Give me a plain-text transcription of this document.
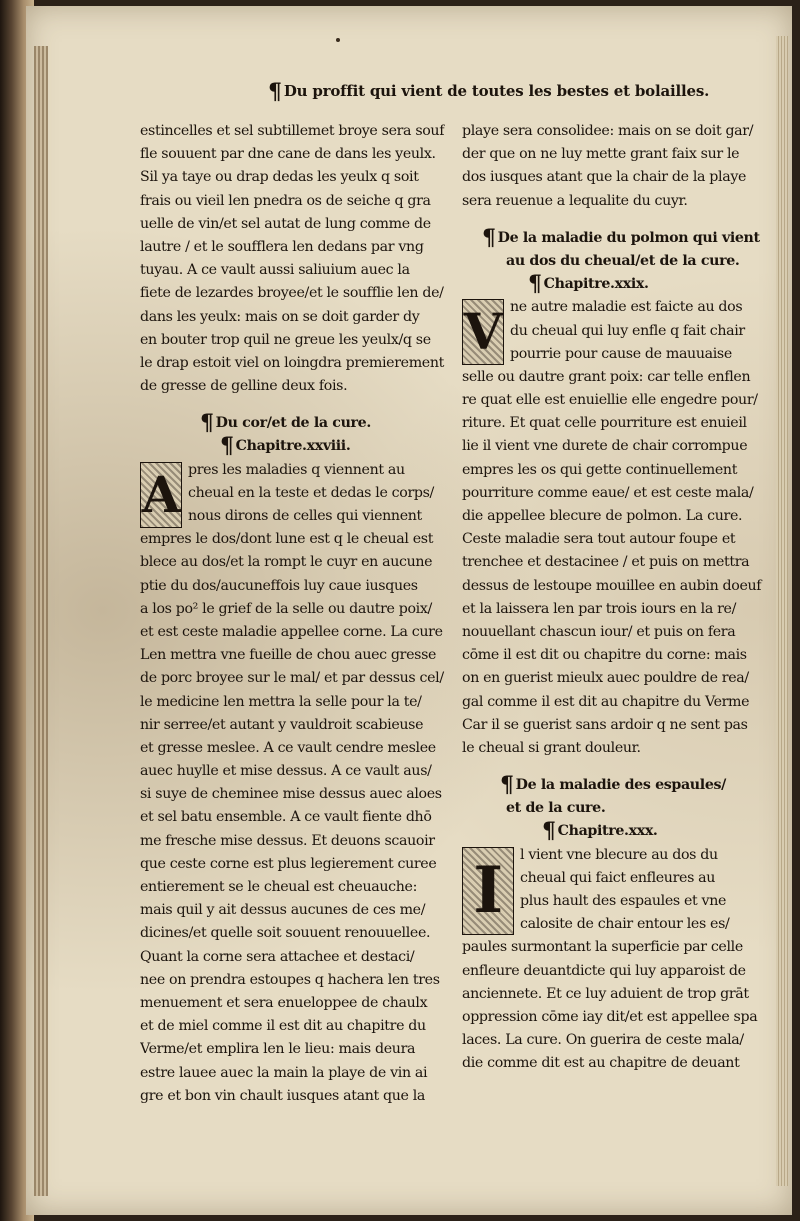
¶ Du proffit qui vient de toutes les bestes et bolailles.
estincelles et sel subtillemet broye sera souf
fle souuent par dne cane de dans les yeulx.
Sil ya taye ou drap dedas les yeulx q soit
frais ou vieil len pnedra os de seiche q gra
uelle de vin/et sel autat de lung comme de
lautre / et le soufflera len dedans par vng
tuyau. A ce vault aussi saliuium auec la
fiete de lezardes broyee/et le soufflie len de/
dans les yeulx: mais on se doit garder dy
en bouter trop quil ne greue les yeulx/q se
le drap estoit viel on loingdra premierement
de gresse de gelline deux fois.
¶ Du cor/et de la cure.
¶ Chapitre.xxviii.
A pres les maladies q viennent au
cheual en la teste et dedas le corps/
nous dirons de celles qui viennent
empres le dos/dont lune est q le cheual est
blece au dos/et la rompt le cuyr en aucune
ptie du dos/aucuneffois luy caue iusques
a los po² le grief de la selle ou dautre poix/
et est ceste maladie appellee corne. La cure
Len mettra vne fueille de chou auec gresse
de porc broyee sur le mal/ et par dessus cel/
le medicine len mettra la selle pour la te/
nir serree/et autant y vauldroit scabieuse
et gresse meslee. A ce vault cendre meslee
auec huylle et mise dessus. A ce vault aus/
si suye de cheminee mise dessus auec aloes
et sel batu ensemble. A ce vault fiente dhō
me fresche mise dessus. Et deuons scauoir
que ceste corne est plus legierement curee
entierement se le cheual est cheuauche:
mais quil y ait dessus aucunes de ces me/
dicines/et quelle soit souuent renouuellee.
Quant la corne sera attachee et destaci/
nee on prendra estoupes q hachera len tres
menuement et sera enueloppee de chaulx
et de miel comme il est dit au chapitre du
Verme/et emplira len le lieu: mais deura
estre lauee auec la main la playe de vin ai
gre et bon vin chault iusques atant que la
playe sera consolidee: mais on se doit gar/
der que on ne luy mette grant faix sur le
dos iusques atant que la chair de la playe
sera reuenue a lequalite du cuyr.
¶ De la maladie du polmon qui vient
au dos du cheual/et de la cure.
¶ Chapitre.xxix.
V ne autre maladie est faicte au dos
du cheual qui luy enfle q fait chair
pourrie pour cause de mauuaise
selle ou dautre grant poix: car telle enflen
re quat elle est enuiellie elle engedre pour/
riture. Et quat celle pourriture est enuieil
lie il vient vne durete de chair corrompue
empres les os qui gette continuellement
pourriture comme eaue/ et est ceste mala/
die appellee blecure de polmon. La cure.
Ceste maladie sera tout autour foupe et
trenchee et destacinee / et puis on mettra
dessus de lestoupe mouillee en aubin doeuf
et la laissera len par trois iours en la re/
nouuellant chascun iour/ et puis on fera
cōme il est dit ou chapitre du corne: mais
on en guerist mieulx auec pouldre de rea/
gal comme il est dit au chapitre du Verme
Car il se guerist sans ardoir q ne sent pas
le cheual si grant douleur.
¶ De la maladie des espaules/
et de la cure.
¶ Chapitre.xxx.
I	l vient vne blecure au dos du
cheual qui faict enfleures au
plus hault des espaules et vne
calosite de chair entour les es/
paules surmontant la superficie par celle
enfleure deuantdicte qui luy apparoist de
anciennete. Et ce luy aduient de trop grāt
oppression cōme iay dit/et est appellee spa
laces. La cure. On guerira de ceste mala/
die comme dit est au chapitre de deuant
